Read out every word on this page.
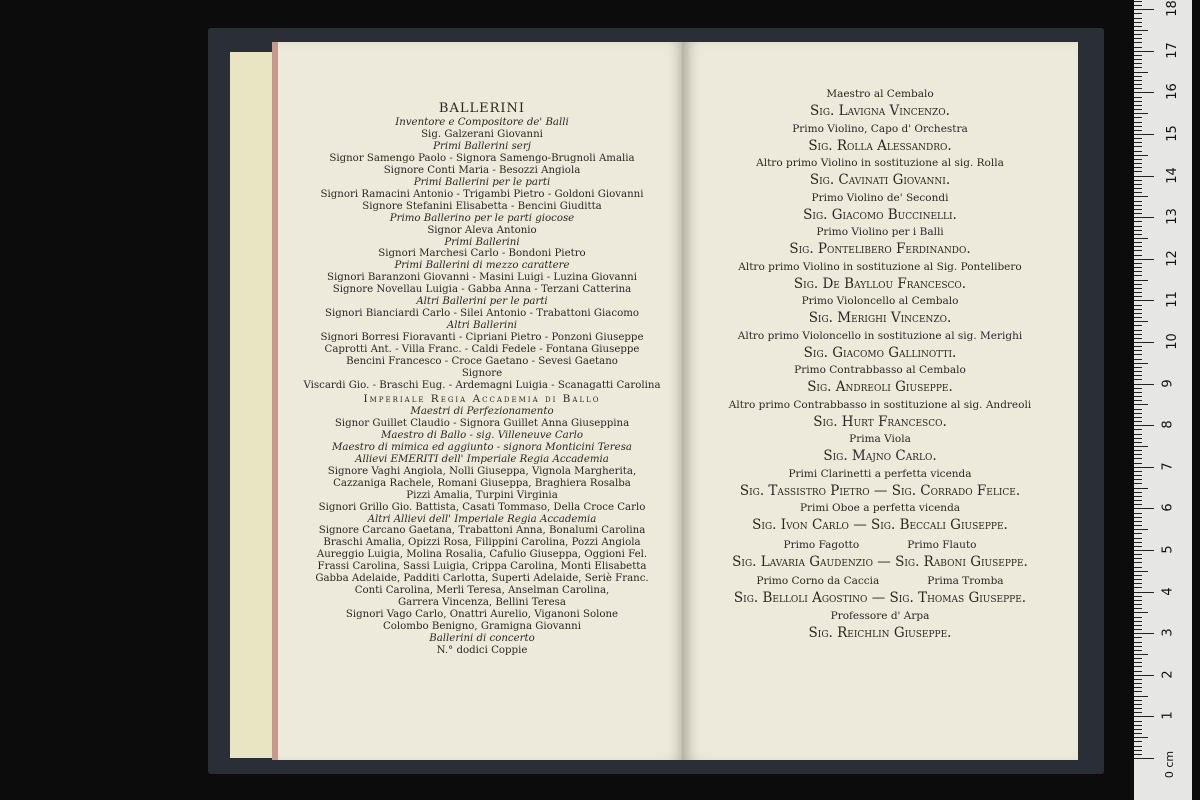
BALLERINI
Inventore e Compositore de' Balli
Sig. Galzerani Giovanni
Primi Ballerini serj
Signor Samengo Paolo - Signora Samengo-Brugnoli Amalia
Signore Conti Maria - Besozzi Angiola
Primi Ballerini per le parti
Signori Ramacini Antonio - Trigambi Pietro - Goldoni Giovanni
Signore Stefanini Elisabetta - Bencini Giuditta
Primo Ballerino per le parti giocose
Signor Aleva Antonio
Primi Ballerini
Signori Marchesi Carlo - Bondoni Pietro
Primi Ballerini di mezzo carattere
Signori Baranzoni Giovanni - Masini Luigi - Luzina Giovanni
Signore Novellau Luigia - Gabba Anna - Terzani Catterina
Altri Ballerini per le parti
Signori Bianciardi Carlo - Silei Antonio - Trabattoni Giacomo
Altri Ballerini
Signori Borresi Fioravanti - Cipriani Pietro - Ponzoni Giuseppe
Caprotti Ant. - Villa Franc. - Caldi Fedele - Fontana Giuseppe
Bencini Francesco - Croce Gaetano - Sevesi Gaetano
Signore
Viscardi Gio. - Braschi Eug. - Ardemagni Luigia - Scanagatti Carolina
Imperiale Regia Accademia di Ballo
Maestri di Perfezionamento
Signor Guillet Claudio - Signora Guillet Anna Giuseppina
Maestro di Ballo - sig. Villeneuve Carlo
Maestro di mimica ed aggiunto - signora Monticini Teresa
Allievi EMERITI dell' Imperiale Regia Accademia
Signore Vaghi Angiola, Nolli Giuseppa, Vignola Margherita,
Cazzaniga Rachele, Romani Giuseppa, Braghiera Rosalba
Pizzi Amalia, Turpini Virginia
Signori Grillo Gio. Battista, Casati Tommaso, Della Croce Carlo
Altri Allievi dell' Imperiale Regia Accademia
Signore Carcano Gaetana, Trabattoni Anna, Bonalumi Carolina
Braschi Amalia, Opizzi Rosa, Filippini Carolina, Pozzi Angiola
Aureggio Luigia, Molina Rosalia, Cafulio Giuseppa, Oggioni Fel.
Frassi Carolina, Sassi Luigia, Crippa Carolina, Monti Elisabetta
Gabba Adelaide, Padditi Carlotta, Superti Adelaide, Seriè Franc.
Conti Carolina, Merli Teresa, Anselman Carolina,
Garrera Vincenza, Bellini Teresa
Signori Vago Carlo, Onattri Aurelio, Viganoni Solone
Colombo Benigno, Gramigna Giovanni
Ballerini di concerto
N.° dodici Coppie
Maestro al Cembalo
Sig. Lavigna Vincenzo.
Primo Violino, Capo d' Orchestra
Sig. Rolla Alessandro.
Altro primo Violino in sostituzione al sig. Rolla
Sig. Cavinati Giovanni.
Primo Violino de' Secondi
Sig. Giacomo Buccinelli.
Primo Violino per i Balli
Sig. Pontelibero Ferdinando.
Altro primo Violino in sostituzione al Sig. Pontelibero
Sig. De Bayllou Francesco.
Primo Violoncello al Cembalo
Sig. Merighi Vincenzo.
Altro primo Violoncello in sostituzione al sig. Merighi
Sig. Giacomo Gallinotti.
Primo Contrabbasso al Cembalo
Sig. Andreoli Giuseppe.
Altro primo Contrabbasso in sostituzione al sig. Andreoli
Sig. Hurt Francesco.
Prima Viola
Sig. Majno Carlo.
Primi Clarinetti a perfetta vicenda
Sig. Tassistro Pietro — Sig. Corrado Felice.
Primi Oboe a perfetta vicenda
Sig. Ivon Carlo — Sig. Beccali Giuseppe.
Primo Fagotto	Primo Flauto
Sig. Lavaria Gaudenzio — Sig. Raboni Giuseppe.
Primo Corno da Caccia	Prima Tromba
Sig. Belloli Agostino — Sig. Thomas Giuseppe.
Professore d' Arpa
Sig. Reichlin Giuseppe.
0 cm
1
2
3
4
5
6
7
8
9
10
11
12
13
14
15
16
17
18
